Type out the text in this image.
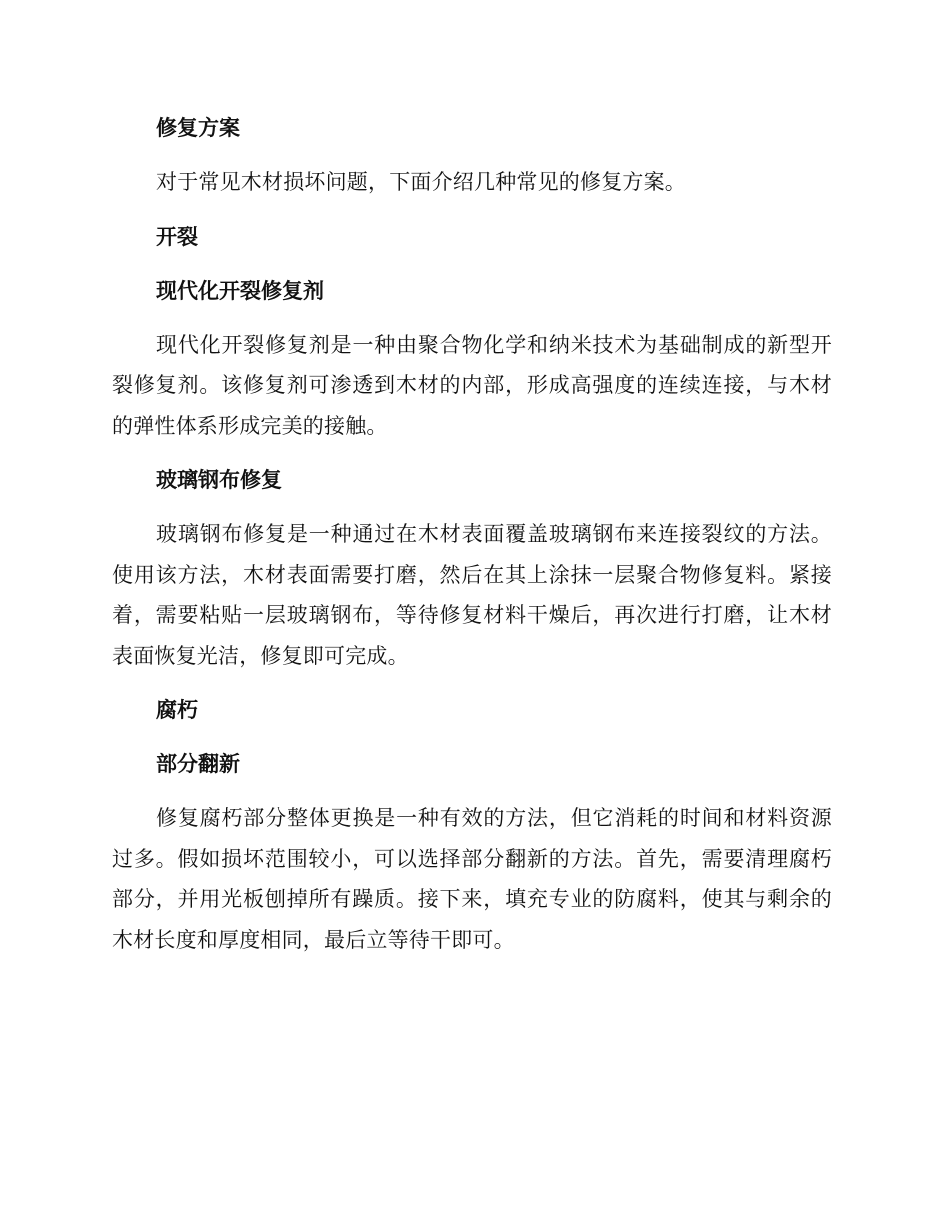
修复方案

对于常见木材损坏问题，下面介绍几种常见的修复方案。

开裂
现代化开裂修复剂

现代化开裂修复剂是一种由聚合物化学和纳米技术为基础制成的新型开裂修复剂。该修复剂可渗透到木材的内部，形成高强度的连续连接，与木材的弹性体系形成完美的接触。

玻璃钢布修复

玻璃钢布修复是一种通过在木材表面覆盖玻璃钢布来连接裂纹的方法。使用该方法，木材表面需要打磨，然后在其上涂抹一层聚合物修复料。紧接着，需要粘贴一层玻璃钢布，等待修复材料干燥后，再次进行打磨，让木材表面恢复光洁，修复即可完成。

腐朽
部分翻新

修复腐朽部分整体更换是一种有效的方法，但它消耗的时间和材料资源过多。假如损坏范围较小，可以选择部分翻新的方法。首先，需要清理腐朽部分，并用光板刨掉所有躁质。接下来，填充专业的防腐料，使其与剩余的木材长度和厚度相同，最后立等待干即可。
